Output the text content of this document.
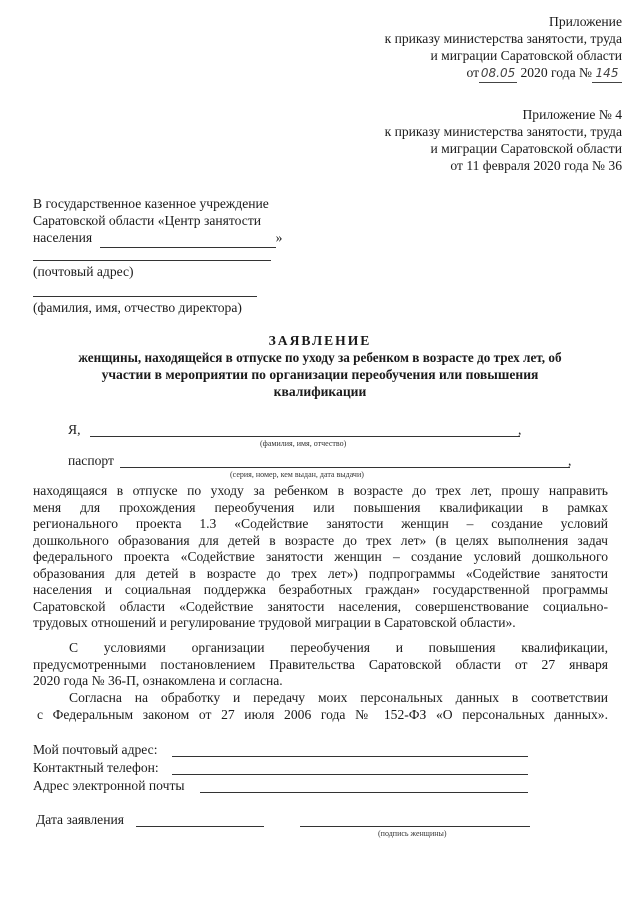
Приложение
к приказу министерства занятости, труда
и миграции Саратовской области
от 08.05 2020 года № 145
Приложение № 4
к приказу министерства занятости, труда
и миграции Саратовской области
от 11 февраля 2020 года № 36
В государственное казенное учреждение
Саратовской области «Центр занятости
населения	»
(почтовый адрес)
(фамилия, имя, отчество директора)
ЗАЯВЛЕНИЕ
женщины, находящейся в отпуске по уходу за ребенком в возрасте до трех лет, об
участии в мероприятии по организации переобучения или повышения
квалификации
Я,	,
(фамилия, имя, отчество)
паспорт	,
(серия, номер, кем выдан, дата выдачи)
находящаяся в отпуске по уходу за ребенком в возрасте до трех лет, прошу направить
меня для прохождения переобучения или повышения квалификации в рамках
регионального проекта 1.3 «Содействие занятости женщин – создание условий
дошкольного образования для детей в возрасте до трех лет» (в целях выполнения задач
федерального проекта «Содействие занятости женщин – создание условий дошкольного
образования для детей в возрасте до трех лет») подпрограммы «Содействие занятости
населения и социальная поддержка безработных граждан» государственной программы
Саратовской области «Содействие занятости населения, совершенствование социально-
трудовых отношений и регулирование трудовой миграции в Саратовской области».
С условиями организации переобучения и повышения квалификации,
предусмотренными постановлением Правительства Саратовской области от 27 января
2020 года № 36-П, ознакомлена и согласна.
Согласна на обработку и передачу моих персональных данных в соответствии
с Федеральным законом от 27 июля 2006 года № 152-ФЗ «О персональных данных».
Мой почтовый адрес:
Контактный телефон:
Адрес электронной почты
Дата заявления
(подпись женщины)
